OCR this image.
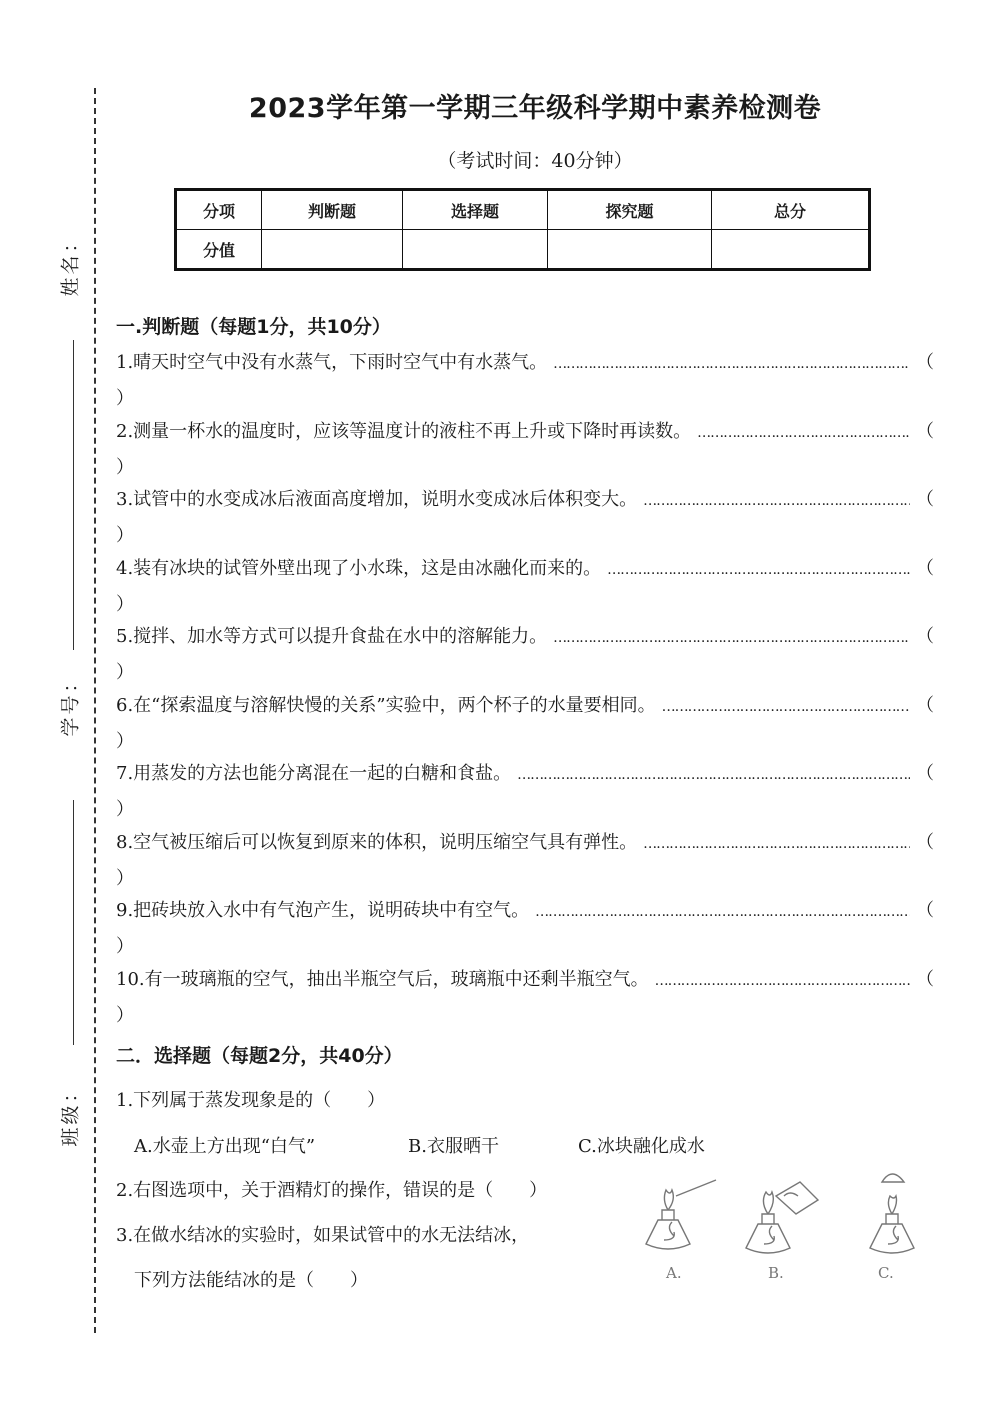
姓名：
学号：
班级：
2023学年第一学期三年级科学期中素养检测卷
（考试时间：40分钟）
分项	判断题	选择题	探究题	总分
分值				
一.判断题（每题1分，共10分）
1.晴天时空气中没有水蒸气，下雨时空气中有水蒸气。 ……………………………………………………………………………………………………	（
）
2.测量一杯水的温度时，应该等温度计的液柱不再上升或下降时再读数。 ……………………………………………………………………………………………………	（
）
3.试管中的水变成冰后液面高度增加，说明水变成冰后体积变大。 ……………………………………………………………………………………………………	（
）
4.装有冰块的试管外壁出现了小水珠，这是由冰融化而来的。 ……………………………………………………………………………………………………	（
）
5.搅拌、加水等方式可以提升食盐在水中的溶解能力。 ……………………………………………………………………………………………………	（
）
6.在“探索温度与溶解快慢的关系”实验中，两个杯子的水量要相同。 ……………………………………………………………………………………………………	（
）
7.用蒸发的方法也能分离混在一起的白糖和食盐。 ……………………………………………………………………………………………………	（
）
8.空气被压缩后可以恢复到原来的体积，说明压缩空气具有弹性。 ……………………………………………………………………………………………………	（
）
9.把砖块放入水中有气泡产生，说明砖块中有空气。 ……………………………………………………………………………………………………	（
）
10.有一玻璃瓶的空气，抽出半瓶空气后，玻璃瓶中还剩半瓶空气。 ……………………………………………………………………………………………………	（
）
二．选择题（每题2分，共40分）
1.下列属于蒸发现象是的（　　）
A.水壶上方出现“白气”	B.衣服晒干	C.冰块融化成水
2.右图选项中，关于酒精灯的操作，错误的是（　　）
3.在做水结冰的实验时，如果试管中的水无法结冰，
下列方法能结冰的是（　　）	A.	B.	C.
